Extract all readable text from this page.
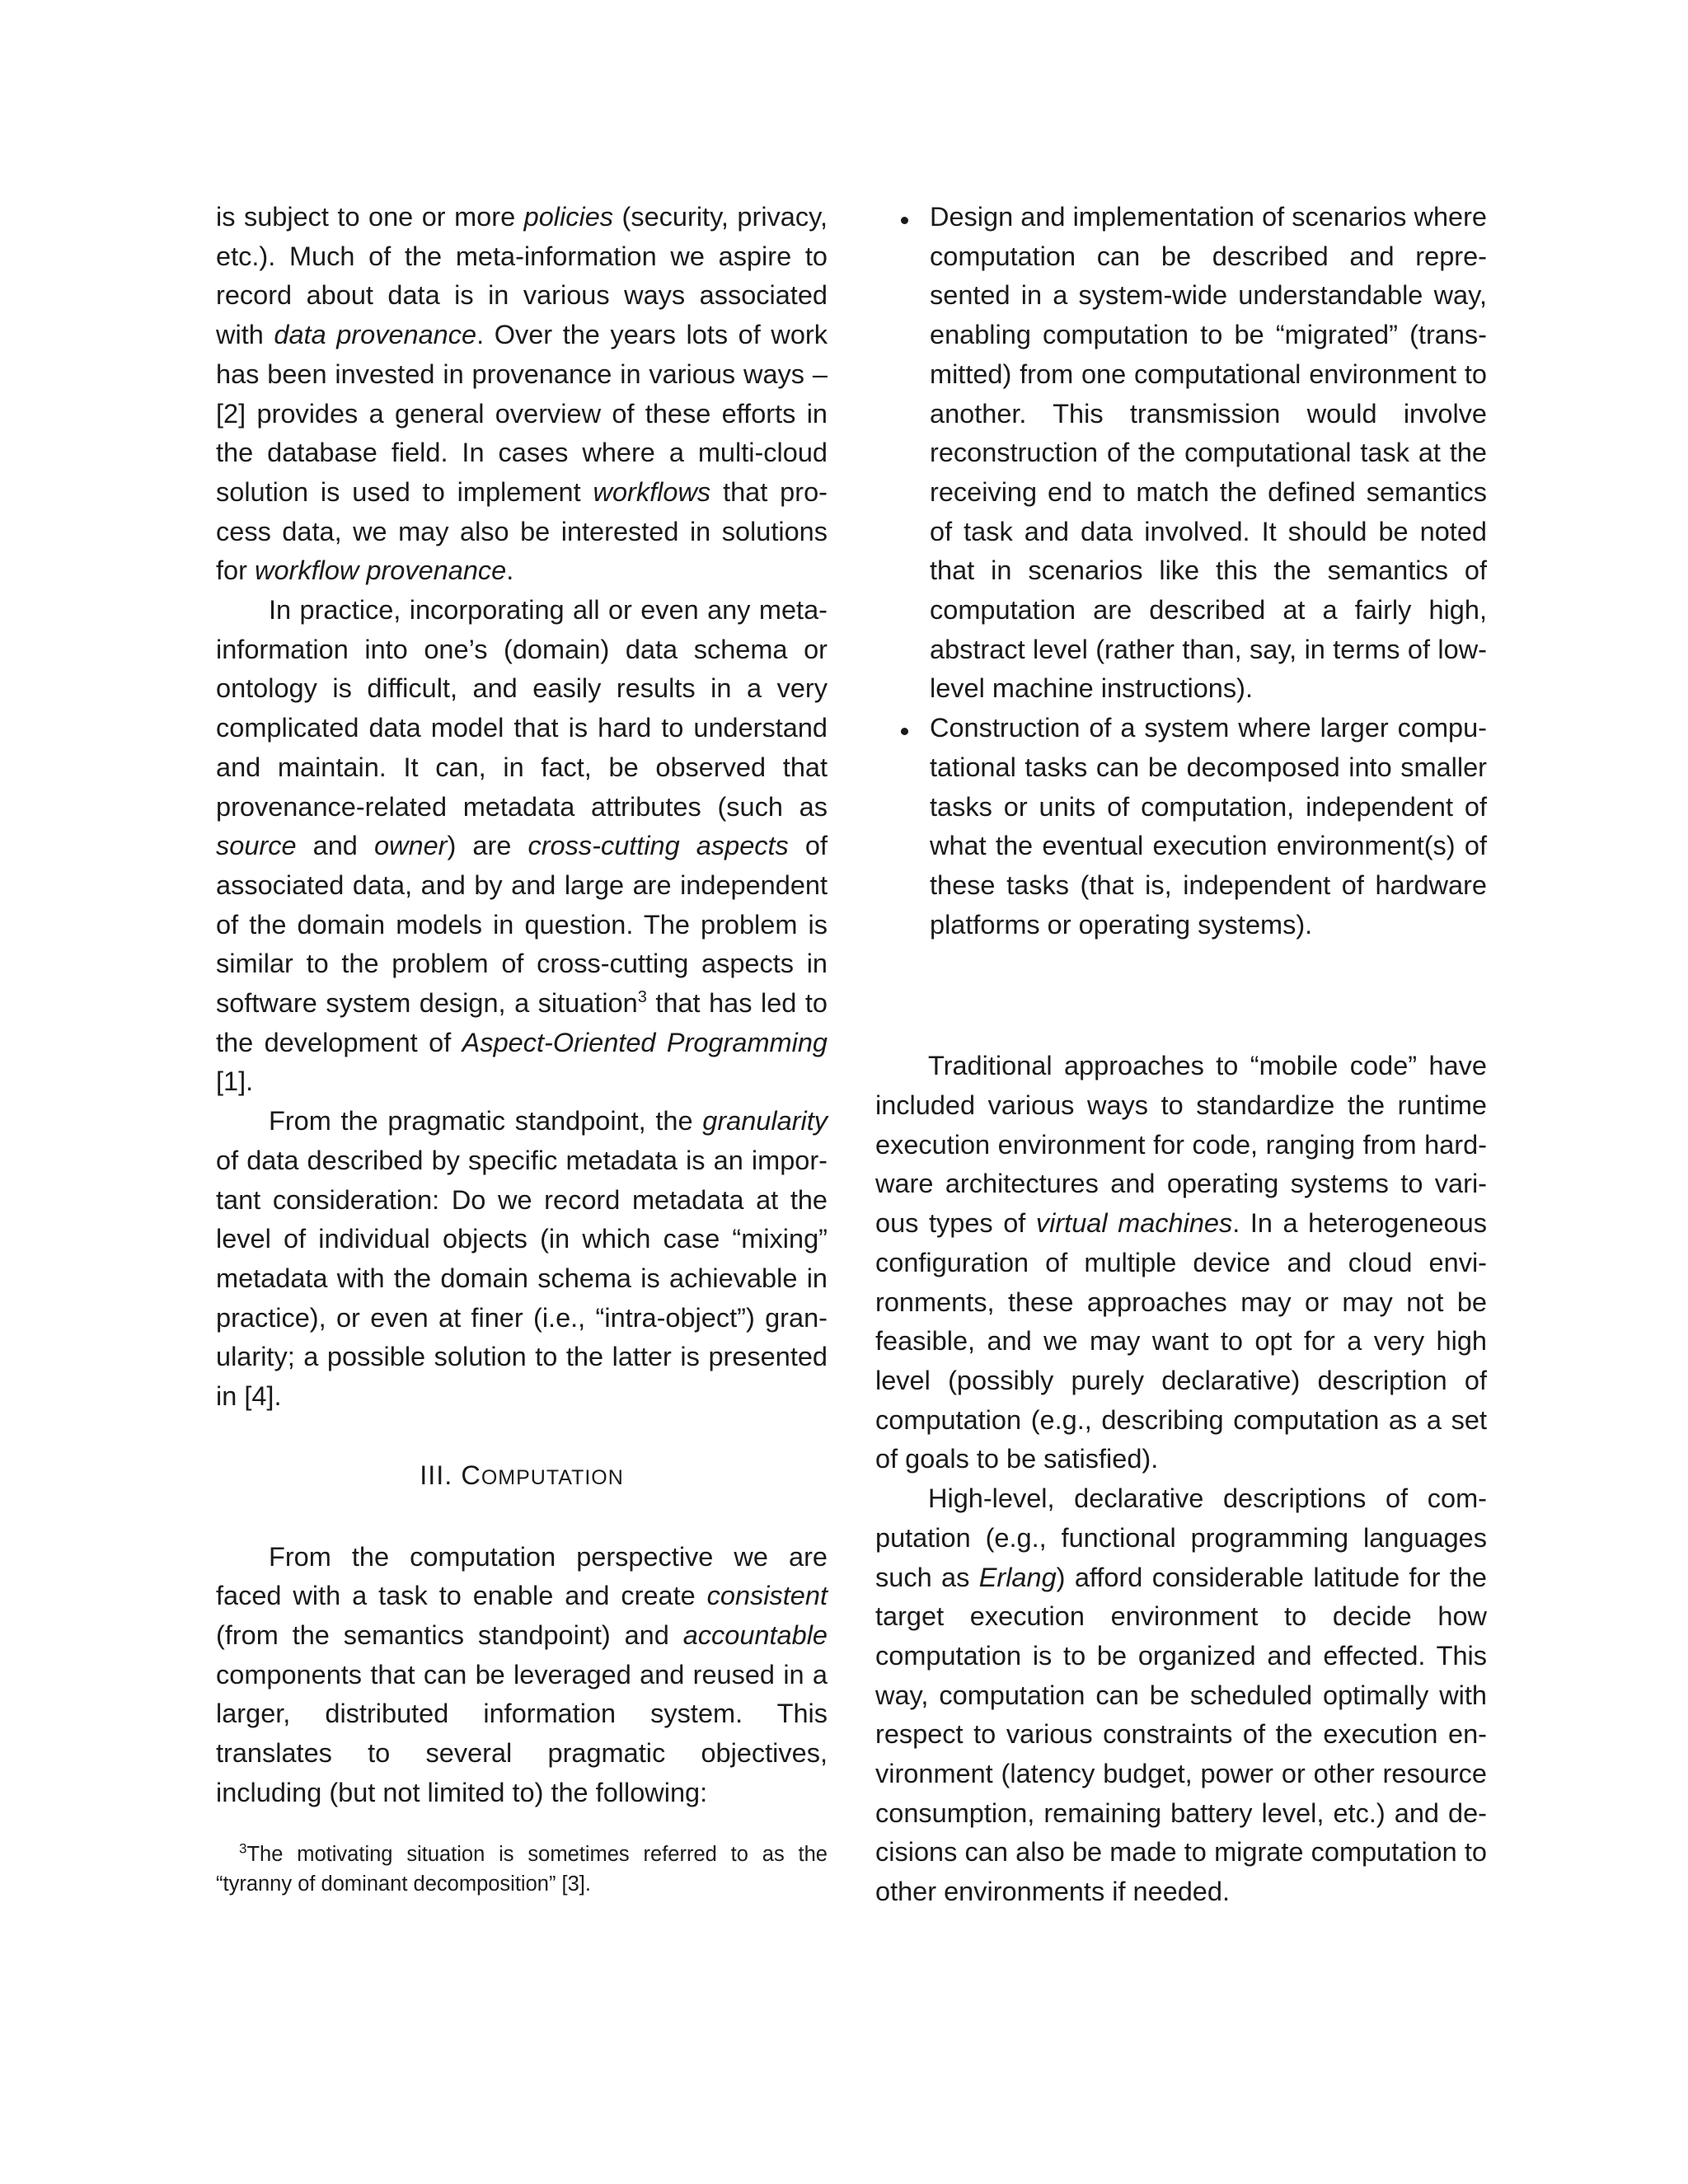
is subject to one or more policies (security, privacy, etc.). Much of the meta-information we aspire to record about data is in various ways associated with data provenance. Over the years lots of work has been invested in provenance in various ways – [2] provides a general overview of these efforts in the database field. In cases where a multi-cloud solution is used to implement workflows that process data, we may also be interested in solutions for workflow provenance.

In practice, incorporating all or even any metainformation into one’s (domain) data schema or ontology is difficult, and easily results in a very complicated data model that is hard to understand and maintain. It can, in fact, be observed that provenance-related metadata attributes (such as source and owner) are cross-cutting aspects of associated data, and by and large are independent of the domain models in question. The problem is similar to the problem of cross-cutting aspects in software system design, a situation$^3$ that has led to the development of Aspect-Oriented Programming [1].

From the pragmatic standpoint, the granularity of data described by specific metadata is an important consideration: Do we record metadata at the level of individual objects (in which case “mixing” metadata with the domain schema is achievable in practice), or even at finer (i.e., “intra-object”) granularity; a possible solution to the latter is presented in [4].

III. COMPUTATION

From the computation perspective we are faced with a task to enable and create consistent (from the semantics standpoint) and accountable components that can be leveraged and reused in a larger, distributed information system. This translates to several pragmatic objectives, including (but not limited to) the following:

$^3$The motivating situation is sometimes referred to as the “tyranny of dominant decomposition” [3].
Design and implementation of scenarios where computation can be described and represented in a system-wide understandable way, enabling computation to be “migrated” (transmitted) from one computational environment to another. This transmission would involve reconstruction of the computational task at the receiving end to match the defined semantics of task and data involved. It should be noted that in scenarios like this the semantics of computation are described at a fairly high, abstract level (rather than, say, in terms of lowlevel machine instructions).
Construction of a system where larger computational tasks can be decomposed into smaller tasks or units of computation, independent of what the eventual execution environment(s) of these tasks (that is, independent of hardware platforms or operating systems).

Traditional approaches to “mobile code” have included various ways to standardize the runtime execution environment for code, ranging from hardware architectures and operating systems to various types of virtual machines. In a heterogeneous configuration of multiple device and cloud environments, these approaches may or may not be feasible, and we may want to opt for a very high level (possibly purely declarative) description of computation (e.g., describing computation as a set of goals to be satisfied).

High-level, declarative descriptions of computation (e.g., functional programming languages such as Erlang) afford considerable latitude for the target execution environment to decide how computation is to be organized and effected. This way, computation can be scheduled optimally with respect to various constraints of the execution environment (latency budget, power or other resource consumption, remaining battery level, etc.) and decisions can also be made to migrate computation to other environments if needed.
